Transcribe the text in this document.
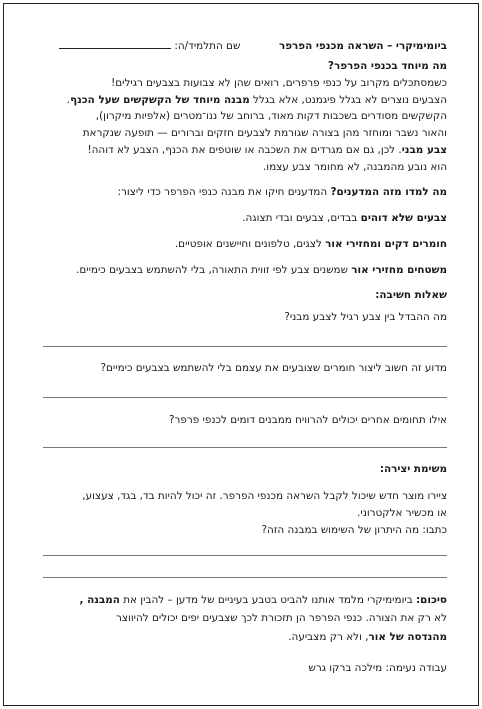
ביומימיקרי – השראה מכנפי הפרפר  שם התלמיד/ה:
מה מיוחד בכנפי הפרפר?
כשמסתכלים מקרוב על כנפי פרפרים, רואים שהן לא צבועות בצבעים רגילים!
הצבעים נוצרים לא בגלל פיגמנט, אלא בגלל מבנה מיוחד של הקשקשים שעל הכנף.
הקשקשים מסודרים בשכבות דקות מאוד, ברוחב של ננו־מטרים (אלפיות מיקרון),
והאור נשבר ומוחזר מהן בצורה שגורמת לצבעים חזקים וברורים — תופעה שנקראת
צבע מבני. לכן, גם אם מגרדים את השכבה או שוטפים את הכנף, הצבע לא דוהה!
הוא נובע מהמבנה, לא מחומר צבע עצמו.
מה למדו מזה המדענים? המדענים חיקו את מבנה כנפי הפרפר כדי ליצור:
צבעים שלא דוהים בבדים, צבעים ובדי תצוגה.
חומרים דקים ומחזירי אור לצגים, טלפונים וחיישנים אופטיים.
משטחים מחזירי אור שמשנים צבע לפי זווית התאורה, בלי להשתמש בצבעים כימיים.
שאלות חשיבה:
מה ההבדל בין צבע רגיל לצבע מבני?
מדוע זה חשוב ליצור חומרים שצובעים את עצמם בלי להשתמש בצבעים כימיים?
אילו תחומים אחרים יכולים להרוויח ממבנים דומים לכנפי פרפר?
משימת יצירה:
ציירו מוצר חדש שיכול לקבל השראה מכנפי הפרפר. זה יכול להיות בד, בגד, צעצוע,
או מכשיר אלקטרוני.
כתבו: מה היתרון של השימוש במבנה הזה?
סיכום: ביומימיקרי מלמד אותנו להביט בטבע בעיניים של מדען – להבין את המבנה ,
לא רק את הצורה. כנפי הפרפר הן תזכורת לכך שצבעים יפים יכולים להיווצר
מהנדסה של אור, ולא רק מצביעה.
עבודה נעימה: מילכה ברקו גרש
